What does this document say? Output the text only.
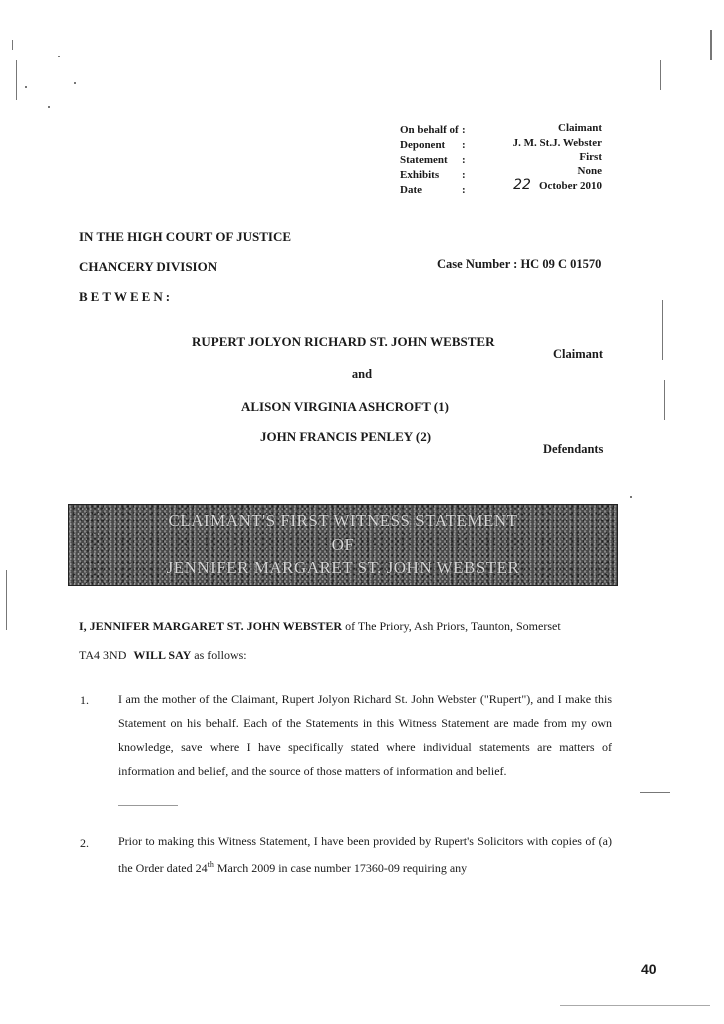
On behalf of :	Claimant
Deponent	:	J. M. St.J. Webster
Statement	:	First
Exhibits	:	None
Date	:	22 October 2010
IN THE HIGH COURT OF JUSTICE
CHANCERY DIVISION	Case Number : HC 09 C 01570
BETWEEN:
RUPERT JOLYON RICHARD ST. JOHN WEBSTER
Claimant
and
ALISON VIRGINIA ASHCROFT (1)
JOHN FRANCIS PENLEY (2)
Defendants
CLAIMANT'S FIRST WITNESS STATEMENT
OF
JENNIFER MARGARET ST. JOHN WEBSTER
I, JENNIFER MARGARET ST. JOHN WEBSTER of The Priory, Ash Priors, Taunton, Somerset
TA4 3ND WILL SAY as follows:
1. I am the mother of the Claimant, Rupert Jolyon Richard St. John Webster ("Rupert"), and I make this Statement on his behalf. Each of the Statements in this Witness Statement are made from my own knowledge, save where I have specifically stated where individual statements are matters of information and belief, and the source of those matters of information and belief.
2. Prior to making this Witness Statement, I have been provided by Rupert's Solicitors with copies of (a) the Order dated 24th March 2009 in case number 17360-09 requiring any
40
